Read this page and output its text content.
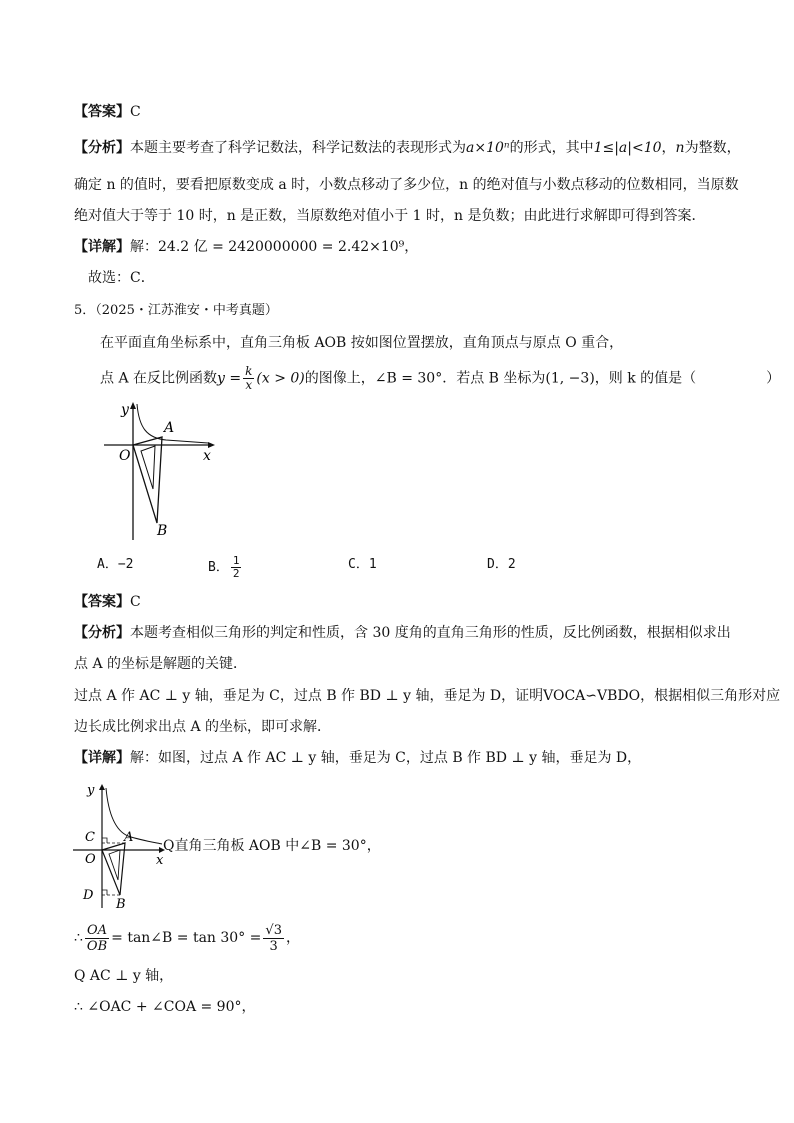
【答案】C
【分析】本题主要考查了科学记数法，科学记数法的表现形式为a×10ⁿ的形式，其中1≤|a|<10，n为整数，
确定 n 的值时，要看把原数变成 a 时，小数点移动了多少位，n 的绝对值与小数点移动的位数相同，当原数
绝对值大于等于 10 时，n 是正数，当原数绝对值小于 1 时，n 是负数；由此进行求解即可得到答案．
【详解】解：24.2 亿 = 2420000000 = 2.42×10⁹，
故选：C．
5．（2025・江苏淮安・中考真题）
在平面直角坐标系中，直角三角板 AOB 按如图位置摆放，直角顶点与原点 O 重合，
点 A 在反比例函数$y = \frac{k}{x} (x > 0)$的图像上，∠B = 30°．若点 B 坐标为(1, −3)，则 k 的值是（　　　　　）
y
x
O
A
B
A．−2	B． $\frac{1}{2}$	C．1	D．2
【答案】C
【分析】本题考查相似三角形的判定和性质，含 30 度角的直角三角形的性质，反比例函数，根据相似求出
点 A 的坐标是解题的关键．
过点 A 作 AC ⊥ y 轴，垂足为 C，过点 B 作 BD ⊥ y 轴，垂足为 D，证明VOCA∽VBDO，根据相似三角形对应
边长成比例求出点 A 的坐标，即可求解．
【详解】解：如图，过点 A 作 AC ⊥ y 轴，垂足为 C，过点 B 作 BD ⊥ y 轴，垂足为 D，
y
x
O
A
B
C
D
Q直角三角板 AOB 中∠B = 30°，
∴ $\frac{OA}{OB}$ = tan∠B = $\tan 30^\circ = \frac{√3}{3}$ ，
Q AC ⊥ y 轴，
∴ ∠OAC + ∠COA = 90°，
